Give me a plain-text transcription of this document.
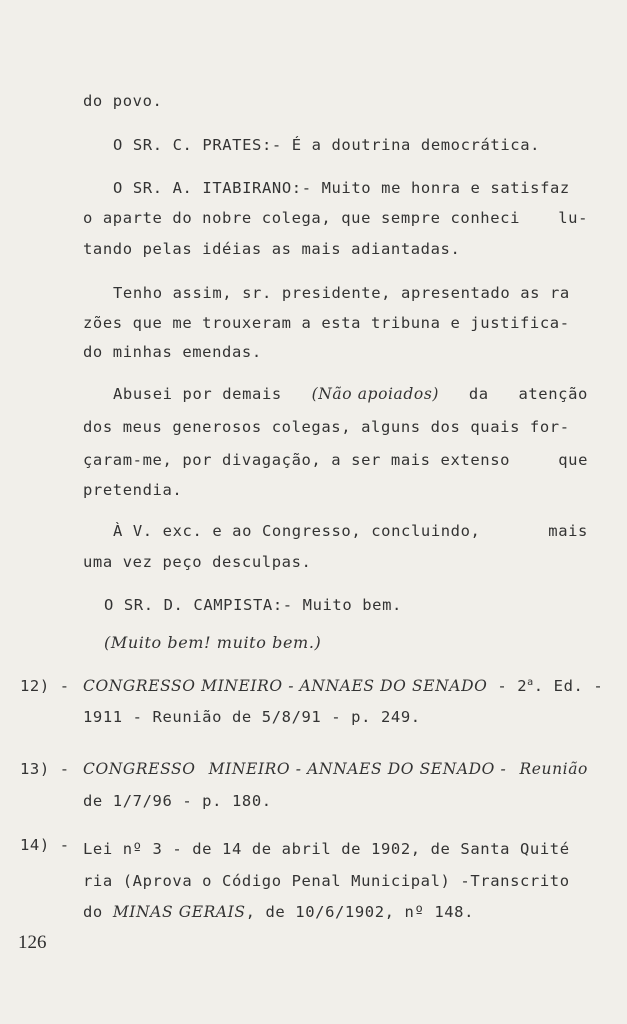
do povo.
O SR. C. PRATES:- É a doutrina democrática.
O SR. A. ITABIRANO:- Muito me honra e satisfaz
o aparte do nobre colega, que sempre conheci lu-
tando pelas idéias as mais adiantadas.
Tenho assim, sr. presidente, apresentado as ra
zões que me trouxeram a esta tribuna e justifica-
do minhas emendas.
Abusei por demais (Não apoiados) da atenção
dos meus generosos colegas, alguns dos quais for-
çaram-me, por divagação, a ser mais extenso	que
pretendia.
À V. exc. e ao Congresso, concluindo,	mais
uma vez peço desculpas.
O SR. D. CAMPISTA:- Muito bem.
(Muito bem! muito bem.)
12) - CONGRESSO MINEIRO - ANNAES DO SENADO - 2$^a$. Ed. -
1911 - Reunião de 5/8/91 - p. 249.
13) - CONGRESSO MINEIRO - ANNAES DO SENADO - Reunião
de 1/7/96 - p. 180.
14) - Lei nº 3 - de 14 de abril de 1902, de Santa Quité
ria (Aprova o Código Penal Municipal) -Transcrito
do MINAS GERAIS, de 10/6/1902, nº 148.
126
